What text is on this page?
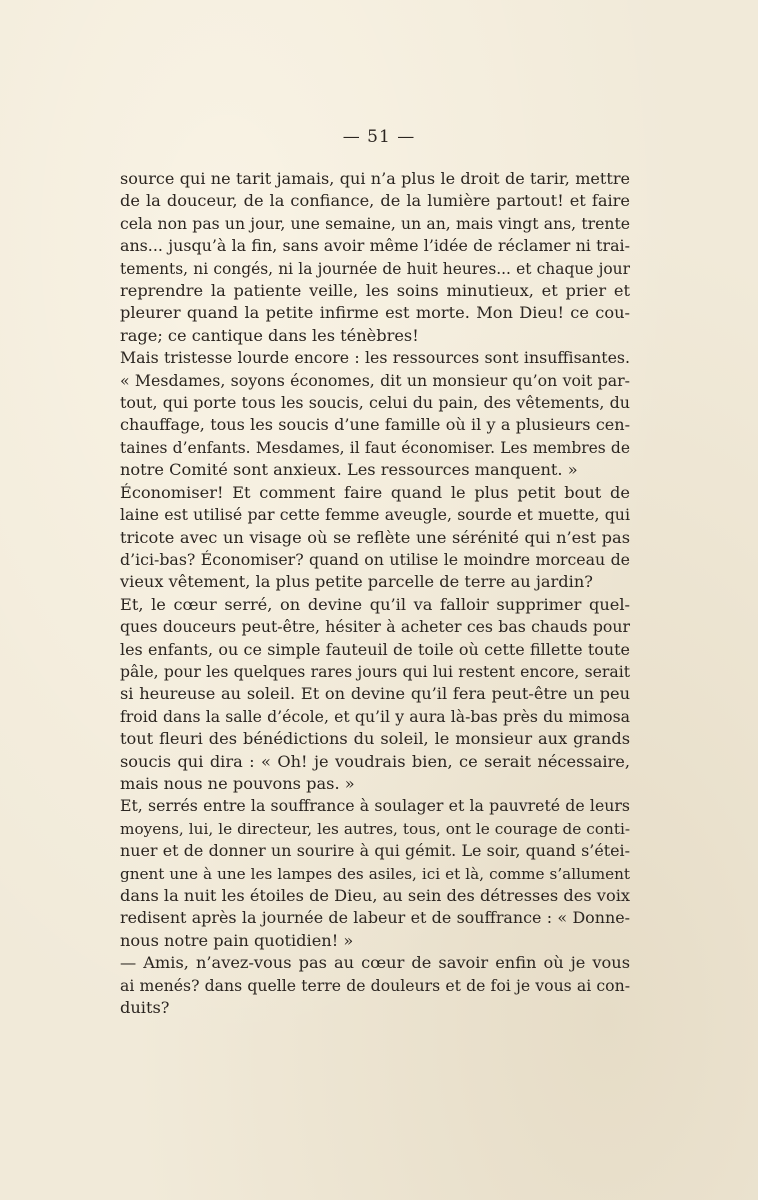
— 51 —

source qui ne tarit jamais, qui n’a plus le droit de tarir, mettre
de la douceur, de la confiance, de la lumière partout! et faire
cela non pas un jour, une semaine, un an, mais vingt ans, trente
ans... jusqu’à la fin, sans avoir même l’idée de réclamer ni trai-
tements, ni congés, ni la journée de huit heures... et chaque jour
reprendre la patiente veille, les soins minutieux, et prier et
pleurer quand la petite infirme est morte. Mon Dieu! ce cou-
rage; ce cantique dans les ténèbres!
Mais tristesse lourde encore : les ressources sont insuffisantes.
« Mesdames, soyons économes, dit un monsieur qu’on voit par-
tout, qui porte tous les soucis, celui du pain, des vêtements, du
chauffage, tous les soucis d’une famille où il y a plusieurs cen-
taines d’enfants. Mesdames, il faut économiser. Les membres de
notre Comité sont anxieux. Les ressources manquent. »
Économiser! Et comment faire quand le plus petit bout de
laine est utilisé par cette femme aveugle, sourde et muette, qui
tricote avec un visage où se reflète une sérénité qui n’est pas
d’ici-bas? Économiser? quand on utilise le moindre morceau de
vieux vêtement, la plus petite parcelle de terre au jardin?
Et, le cœur serré, on devine qu’il va falloir supprimer quel-
ques douceurs peut-être, hésiter à acheter ces bas chauds pour
les enfants, ou ce simple fauteuil de toile où cette fillette toute
pâle, pour les quelques rares jours qui lui restent encore, serait
si heureuse au soleil. Et on devine qu’il fera peut-être un peu
froid dans la salle d’école, et qu’il y aura là-bas près du mimosa
tout fleuri des bénédictions du soleil, le monsieur aux grands
soucis qui dira : « Oh! je voudrais bien, ce serait nécessaire,
mais nous ne pouvons pas. »
Et, serrés entre la souffrance à soulager et la pauvreté de leurs
moyens, lui, le directeur, les autres, tous, ont le courage de conti-
nuer et de donner un sourire à qui gémit. Le soir, quand s’étei-
gnent une à une les lampes des asiles, ici et là, comme s’allument
dans la nuit les étoiles de Dieu, au sein des détresses des voix
redisent après la journée de labeur et de souffrance : « Donne-
nous notre pain quotidien! »
— Amis, n’avez-vous pas au cœur de savoir enfin où je vous
ai menés? dans quelle terre de douleurs et de foi je vous ai con-
duits?
